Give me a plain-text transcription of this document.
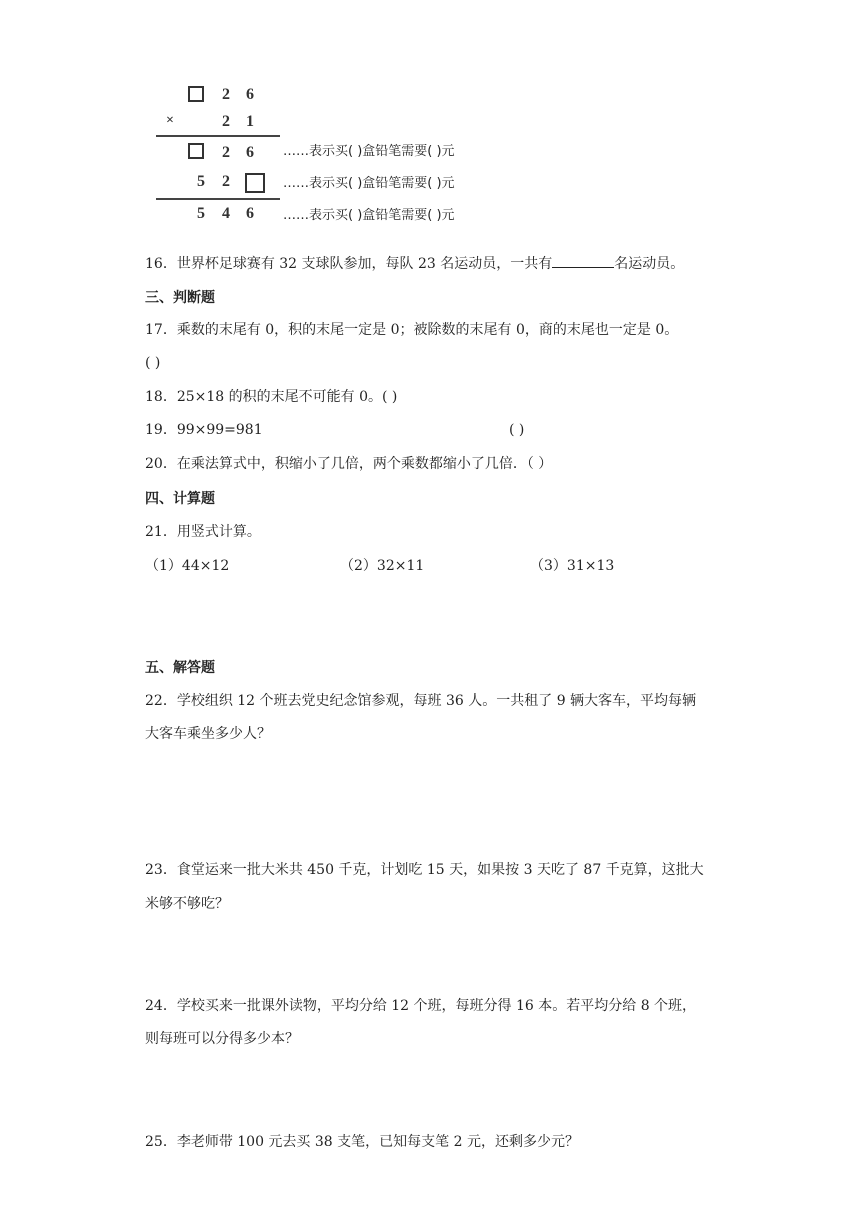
2 6
×	2 1
2 6 ……表示买( )盒铅笔需要( )元
5 2	……表示买( )盒铅笔需要( )元
5 4 6 ……表示买( )盒铅笔需要( )元
16．世界杯足球赛有 32 支球队参加，每队 23 名运动员，一共有	名运动员。
三、判断题
17．乘数的末尾有 0，积的末尾一定是 0；被除数的末尾有 0，商的末尾也一定是 0。
( )
18．25×18 的积的末尾不可能有 0。( )
19．99×99=981	( )
20．在乘法算式中，积缩小了几倍，两个乘数都缩小了几倍．（ ）
四、计算题
21．用竖式计算。
（1）44×12	（2）32×11	（3）31×13
五、解答题
22．学校组织 12 个班去党史纪念馆参观，每班 36 人。一共租了 9 辆大客车，平均每辆
大客车乘坐多少人？
23．食堂运来一批大米共 450 千克，计划吃 15 天，如果按 3 天吃了 87 千克算，这批大
米够不够吃？
24．学校买来一批课外读物，平均分给 12 个班，每班分得 16 本。若平均分给 8 个班，
则每班可以分得多少本？
25．李老师带 100 元去买 38 支笔，已知每支笔 2 元，还剩多少元？
